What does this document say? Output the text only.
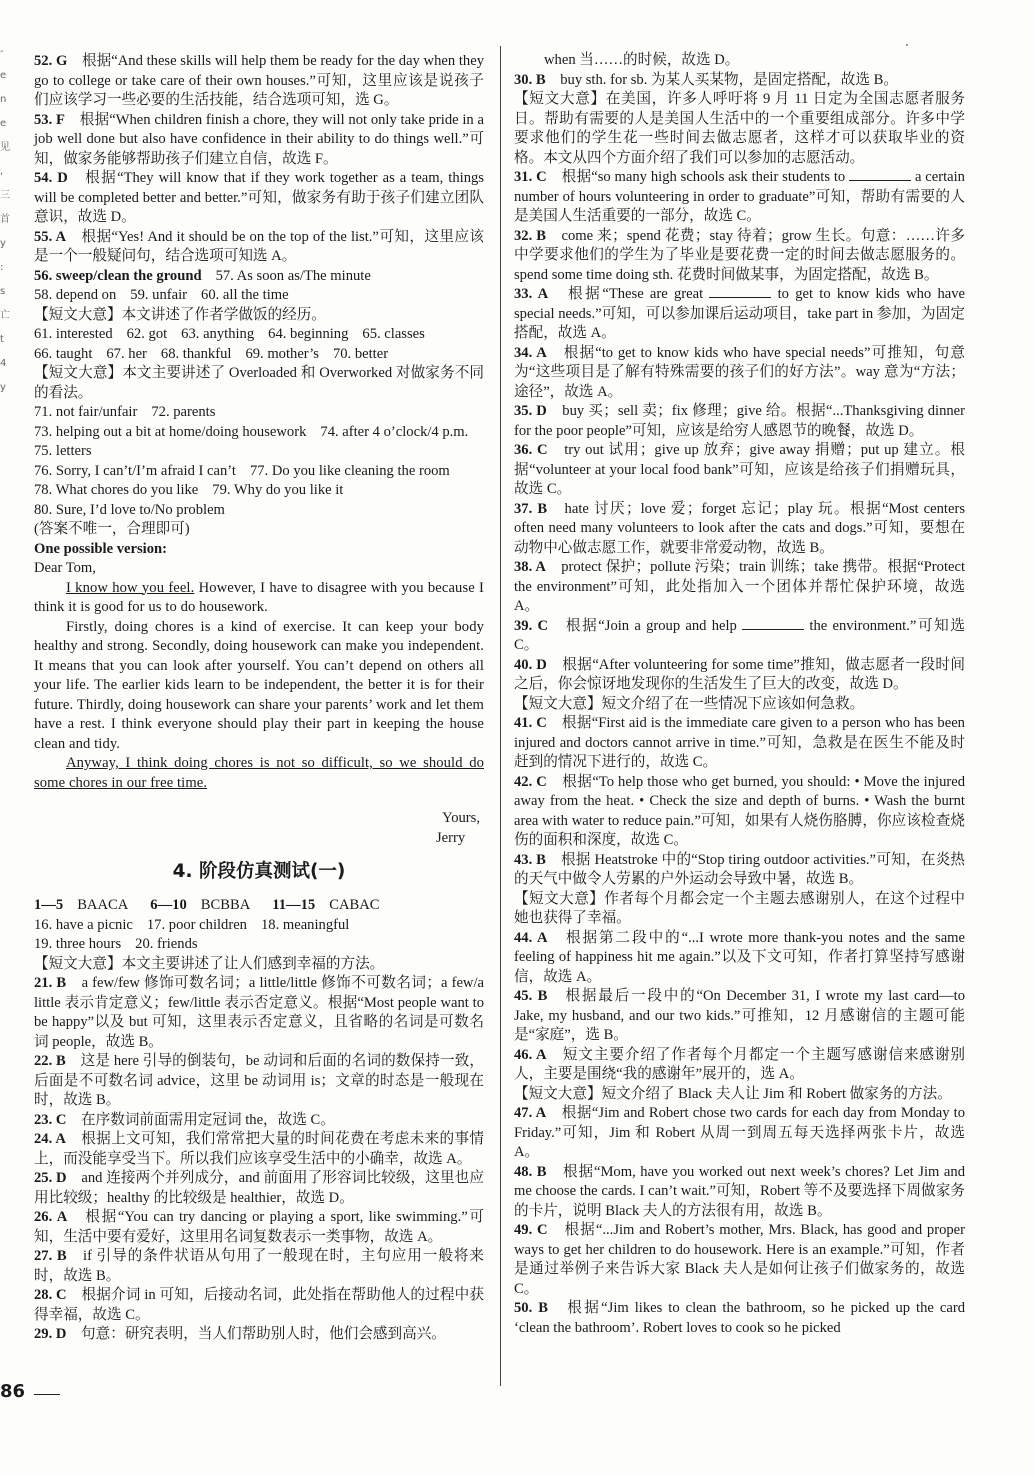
-
e
n
e
见
,
三
首
y
:
s
亡
t
4
y

52. G　根据“And these skills will help them be ready for the day when they go to college or take care of their own houses.”可知，这里应该是说孩子们应该学习一些必要的生活技能，结合选项可知，选 G。

53. F　根据“When children finish a chore, they will not only take pride in a job well done but also have confidence in their ability to do things well.”可知，做家务能够帮助孩子们建立自信，故选 F。

54. D　根据“They will know that if they work together as a team, things will be completed better and better.”可知，做家务有助于孩子们建立团队意识，故选 D。

55. A　根据“Yes! And it should be on the top of the list.”可知，这里应该是一个一般疑问句，结合选项可知选 A。

56. sweep/clean the ground 57. As soon as/The minute

58. depend on 59. unfair 60. all the time

【短文大意】本文讲述了作者学做饭的经历。

61. interested 62. got 63. anything 64. beginning 65. classes

66. taught 67. her 68. thankful 69. mother’s 70. better

【短文大意】本文主要讲述了 Overloaded 和 Overworked 对做家务不同的看法。

71. not fair/unfair 72. parents

73. helping out a bit at home/doing housework 74. after 4 o’clock/4 p.m.

75. letters

76. Sorry, I can’t/I’m afraid I can’t 77. Do you like cleaning the room

78. What chores do you like 79. Why do you like it

80. Sure, I’d love to/No problem

(答案不唯一，合理即可)

One possible version:

Dear Tom,

I know how you feel. However, I have to disagree with you because I think it is good for us to do housework.

Firstly, doing chores is a kind of exercise. It can keep your body healthy and strong. Secondly, doing housework can make you independent. It means that you can look after yourself. You can’t depend on others all your life. The earlier kids learn to be independent, the better it is for their future. Thirdly, doing housework can share your parents’ work and let them have a rest. I think everyone should play their part in keeping the house clean and tidy.

Anyway, I think doing chores is not so difficult, so we should do some chores in our free time.

Yours,

Jerry

4. 阶段仿真测试(一)

1—5 BAACA 6—10 BCBBA 11—15 CABAC

16. have a picnic 17. poor children 18. meaningful

19. three hours 20. friends

【短文大意】本文主要讲述了让人们感到幸福的方法。

21. B　a few/few 修饰可数名词；a little/little 修饰不可数名词；a few/a little 表示肯定意义；few/little 表示否定意义。根据“Most people want to be happy”以及 but 可知，这里表示否定意义，且省略的名词是可数名词 people，故选 B。

22. B　这是 here 引导的倒装句，be 动词和后面的名词的数保持一致，后面是不可数名词 advice，这里 be 动词用 is；文章的时态是一般现在时，故选 B。

23. C　在序数词前面需用定冠词 the，故选 C。

24. A　根据上文可知，我们常常把大量的时间花费在考虑未来的事情上，而没能享受当下。所以我们应该享受生活中的小确幸，故选 A。

25. D　and 连接两个并列成分，and 前面用了形容词比较级，这里也应用比较级；healthy 的比较级是 healthier，故选 D。

26. A　根据“You can try dancing or playing a sport, like swimming.”可知，生活中要有爱好，这里用名词复数表示一类事物，故选 A。

27. B　if 引导的条件状语从句用了一般现在时，主句应用一般将来时，故选 B。

28. C　根据介词 in 可知，后接动名词，此处指在帮助他人的过程中获得幸福，故选 C。

29. D　句意：研究表明，当人们帮助别人时，他们会感到高兴。

when 当……的时候，故选 D。

30. B　buy sth. for sb. 为某人买某物，是固定搭配，故选 B。

【短文大意】在美国，许多人呼吁将 9 月 11 日定为全国志愿者服务日。帮助有需要的人是美国人生活中的一个重要组成部分。许多中学要求他们的学生花一些时间去做志愿者，这样才可以获取毕业的资格。本文从四个方面介绍了我们可以参加的志愿活动。

31. C　根据“so many high schools ask their students to	a certain number of hours volunteering in order to graduate”可知，帮助有需要的人是美国人生活重要的一部分，故选 C。

32. B　come 来；spend 花费；stay 待着；grow 生长。句意：……许多中学要求他们的学生为了毕业是要花费一定的时间去做志愿服务的。spend some time doing sth. 花费时间做某事，为固定搭配，故选 B。

33. A　根据“These are great	to get to know kids who have special needs.”可知，可以参加课后运动项目，take part in 参加，为固定搭配，故选 A。

34. A　根据“to get to know kids who have special needs”可推知，句意为“这些项目是了解有特殊需要的孩子们的好方法”。way 意为“方法；途径”，故选 A。

35. D　buy 买；sell 卖；fix 修理；give 给。根据“...Thanksgiving dinner for the poor people”可知，应该是给穷人感恩节的晚餐，故选 D。

36. C　try out 试用；give up 放弃；give away 捐赠；put up 建立。根据“volunteer at your local food bank”可知，应该是给孩子们捐赠玩具，故选 C。

37. B　hate 讨厌；love 爱；forget 忘记；play 玩。根据“Most centers often need many volunteers to look after the cats and dogs.”可知，要想在动物中心做志愿工作，就要非常爱动物，故选 B。

38. A　protect 保护；pollute 污染；train 训练；take 携带。根据“Protect the environment”可知，此处指加入一个团体并帮忙保护环境，故选 A。

39. C　根据“Join a group and help	the environment.”可知选 C。

40. D　根据“After volunteering for some time”推知，做志愿者一段时间之后，你会惊讶地发现你的生活发生了巨大的改变，故选 D。

【短文大意】短文介绍了在一些情况下应该如何急救。

41. C　根据“First aid is the immediate care given to a person who has been injured and doctors cannot arrive in time.”可知，急救是在医生不能及时赶到的情况下进行的，故选 C。

42. C　根据“To help those who get burned, you should: • Move the injured away from the heat. • Check the size and depth of burns. • Wash the burnt area with water to reduce pain.”可知，如果有人烧伤胳膊，你应该检查烧伤的面积和深度，故选 C。

43. B　根据 Heatstroke 中的“Stop tiring outdoor activities.”可知，在炎热的天气中做令人劳累的户外运动会导致中暑，故选 B。

【短文大意】作者每个月都会定一个主题去感谢别人，在这个过程中她也获得了幸福。

44. A　根据第二段中的“...I wrote more thank-you notes and the same feeling of happiness hit me again.”以及下文可知，作者打算坚持写感谢信，故选 A。

45. B　根据最后一段中的“On December 31, I wrote my last card—to Jake, my husband, and our two kids.”可推知，12 月感谢信的主题可能是“家庭”，选 B。

46. A　短文主要介绍了作者每个月都定一个主题写感谢信来感谢别人，主要是围绕“我的感谢年”展开的，选 A。

【短文大意】短文介绍了 Black 夫人让 Jim 和 Robert 做家务的方法。

47. A　根据“Jim and Robert chose two cards for each day from Monday to Friday.”可知，Jim 和 Robert 从周一到周五每天选择两张卡片，故选 A。

48. B　根据“Mom, have you worked out next week’s chores? Let Jim and me choose the cards. I can’t wait.”可知，Robert 等不及要选择下周做家务的卡片，说明 Black 夫人的方法很有用，故选 B。

49. C　根据“...Jim and Robert’s mother, Mrs. Black, has good and proper ways to get her children to do housework. Here is an example.”可知，作者是通过举例子来告诉大家 Black 夫人是如何让孩子们做家务的，故选 C。

50. B　根据“Jim likes to clean the bathroom, so he picked up the card ‘clean the bathroom’. Robert loves to cook so he picked

86
